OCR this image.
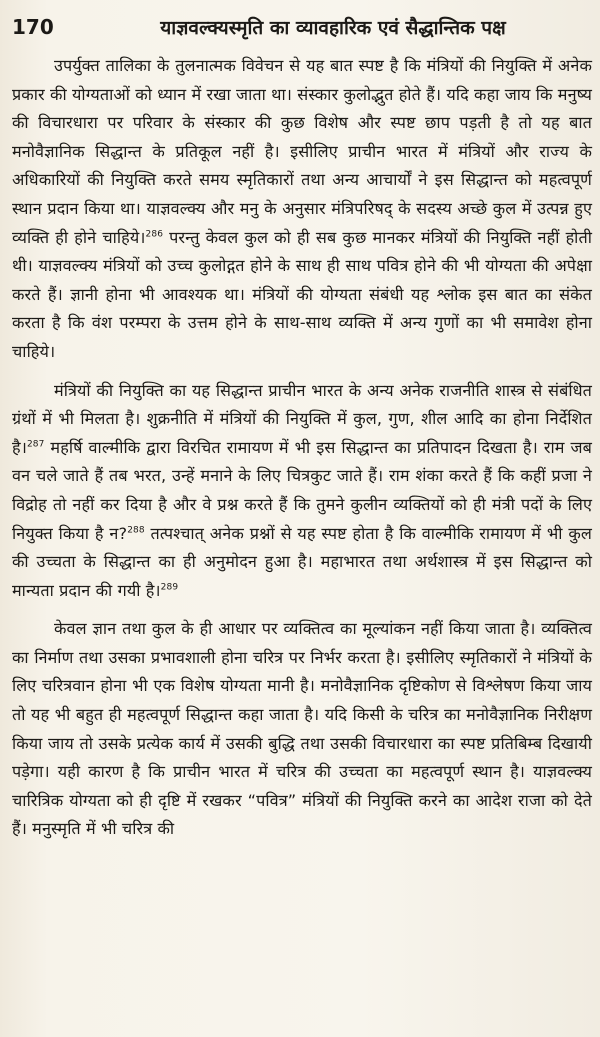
170	याज्ञवल्क्यस्मृति का व्यावहारिक एवं सैद्धान्तिक पक्ष

उपर्युक्त तालिका के तुलनात्मक विवेचन से यह बात स्पष्ट है कि मंत्रियों की नियुक्ति में अनेक प्रकार की योग्यताओं को ध्यान में रखा जाता था। संस्कार कुलोद्भुत होते हैं। यदि कहा जाय कि मनुष्य की विचारधारा पर परिवार के संस्कार की कुछ विशेष और स्पष्ट छाप पड़ती है तो यह बात मनोवैज्ञानिक सिद्धान्त के प्रतिकूल नहीं है। इसीलिए प्राचीन भारत में मंत्रियों और राज्य के अधिकारियों की नियुक्ति करते समय स्मृतिकारों तथा अन्य आचार्यों ने इस सिद्धान्त को महत्वपूर्ण स्थान प्रदान किया था। याज्ञवल्क्य और मनु के अनुसार मंत्रिपरिषद् के सदस्य अच्छे कुल में उत्पन्न हुए व्यक्ति ही होने चाहिये।$^{286}$ परन्तु केवल कुल को ही सब कुछ मानकर मंत्रियों की नियुक्ति नहीं होती थी। याज्ञवल्क्य मंत्रियों को उच्च कुलोद्गत होने के साथ ही साथ पवित्र होने की भी योग्यता की अपेक्षा करते हैं। ज्ञानी होना भी आवश्यक था। मंत्रियों की योग्यता संबंधी यह श्लोक इस बात का संकेत करता है कि वंश परम्परा के उत्तम होने के साथ-साथ व्यक्ति में अन्य गुणों का भी समावेश होना चाहिये।

मंत्रियों की नियुक्ति का यह सिद्धान्त प्राचीन भारत के अन्य अनेक राजनीति शास्त्र से संबंधित ग्रंथों में भी मिलता है। शुक्रनीति में मंत्रियों की नियुक्ति में कुल, गुण, शील आदि का होना निर्देशित है।$^{287}$ महर्षि वाल्मीकि द्वारा विरचित रामायण में भी इस सिद्धान्त का प्रतिपादन दिखता है। राम जब वन चले जाते हैं तब भरत, उन्हें मनाने के लिए चित्रकुट जाते हैं। राम शंका करते हैं कि कहीं प्रजा ने विद्रोह तो नहीं कर दिया है और वे प्रश्न करते हैं कि तुमने कुलीन व्यक्तियों को ही मंत्री पदों के लिए नियुक्त किया है न?$^{288}$ तत्पश्चात् अनेक प्रश्नों से यह स्पष्ट होता है कि वाल्मीकि रामायण में भी कुल की उच्चता के सिद्धान्त का ही अनुमोदन हुआ है। महाभारत तथा अर्थशास्त्र में इस सिद्धान्त को मान्यता प्रदान की गयी है।$^{289}$

केवल ज्ञान तथा कुल के ही आधार पर व्यक्तित्व का मूल्यांकन नहीं किया जाता है। व्यक्तित्व का निर्माण तथा उसका प्रभावशाली होना चरित्र पर निर्भर करता है। इसीलिए स्मृतिकारों ने मंत्रियों के लिए चरित्रवान होना भी एक विशेष योग्यता मानी है। मनोवैज्ञानिक दृष्टिकोण से विश्लेषण किया जाय तो यह भी बहुत ही महत्वपूर्ण सिद्धान्त कहा जाता है। यदि किसी के चरित्र का मनोवैज्ञानिक निरीक्षण किया जाय तो उसके प्रत्येक कार्य में उसकी बुद्धि तथा उसकी विचारधारा का स्पष्ट प्रतिबिम्ब दिखायी पड़ेगा। यही कारण है कि प्राचीन भारत में चरित्र की उच्चता का महत्वपूर्ण स्थान है। याज्ञवल्क्य चारित्रिक योग्यता को ही दृष्टि में रखकर “पवित्र” मंत्रियों की नियुक्ति करने का आदेश राजा को देते हैं। मनुस्मृति में भी चरित्र की
